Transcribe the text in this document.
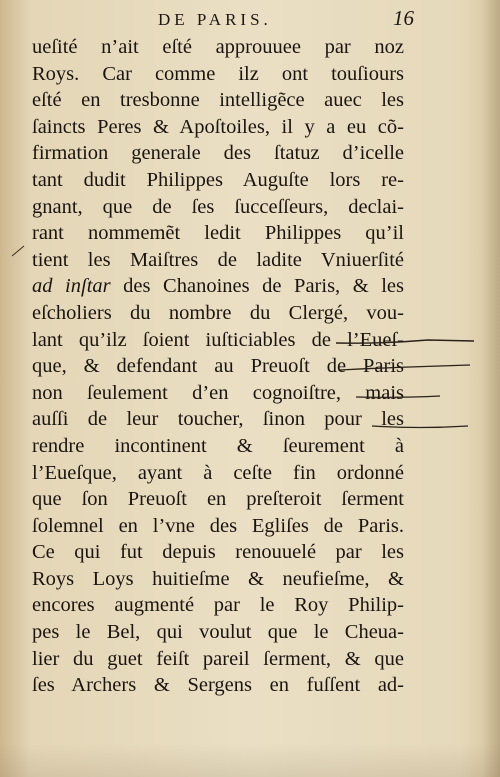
DE PARIS.	16
ueſité n’ait eſté approuuee par noz
Roys. Car comme ilz ont touſiours
eſté en tresbonne intelligẽce auec les
ſaincts Peres & Apoſtoiles, il y a eu cõ-
firmation generale des ſtatuz d’icelle
tant dudit Philippes Auguſte lors re-
gnant, que de ſes ſucceſſeurs, declai-
rant nommemẽt ledit Philippes qu’il
tient les Maiſtres de ladite Vniuerſité
ad inſtar des Chanoines de Paris, & les
eſcholiers du nombre du Clergé, vou-
lant qu’ilz ſoient iuſticiables de l’Eueſ-
que, & defendant au Preuoſt de Paris
non ſeulement d’en cognoiſtre, mais
auſſi de leur toucher, ſinon pour les
rendre incontinent & ſeurement à
l’Eueſque, ayant à ceſte fin ordonné
que ſon Preuoſt en preſteroit ſerment
ſolemnel en l’vne des Egliſes de Paris.
Ce qui fut depuis renouuelé par les
Roys Loys huitieſme & neufieſme, &
encores augmenté par le Roy Philip-
pes le Bel, qui voulut que le Cheua-
lier du guet feiſt pareil ſerment, & que
ſes Archers & Sergens en fuſſent ad-
